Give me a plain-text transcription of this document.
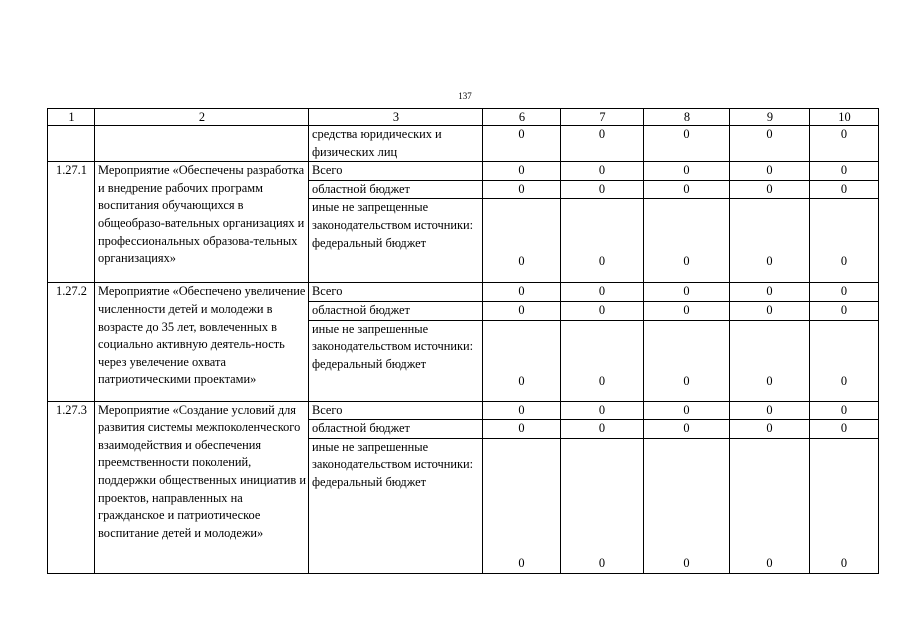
137
1	2	3	6	7	8	9	10
		средства юридических и физических лиц	0	0	0	0	0
1.27.1	Мероприятие «Обеспечены разработка и внедрение рабочих программ воспитания обучающихся в общеобразо-вательных организациях и профессиональных образова-тельных организациях»	Всего	0	0	0	0	0
		областной бюджет	0	0	0	0	0
		иные не запрещенные законодательством источники: федеральный бюджет	0	0	0	0	0
1.27.2	Мероприятие «Обеспечено увеличение численности детей и молодежи в возрасте до 35 лет, вовлеченных в социально активную деятель-ность через увелечение охвата патриотическими проектами»	Всего	0	0	0	0	0
		областной бюджет	0	0	0	0	0
		иные не запрешенные законодательством источники: федеральный бюджет	0	0	0	0	0
1.27.3	Мероприятие «Создание условий для развития системы межпоколенческого взаимодействия и обеспечения преемственности поколений, поддержки общественных инициатив и проектов, направленных на гражданское и патриотическое воспитание детей и молодежи»	Всего	0	0	0	0	0
		областной бюджет	0	0	0	0	0
		иные не запрешенные законодательством источники: федеральный бюджет	0	0	0	0	0
